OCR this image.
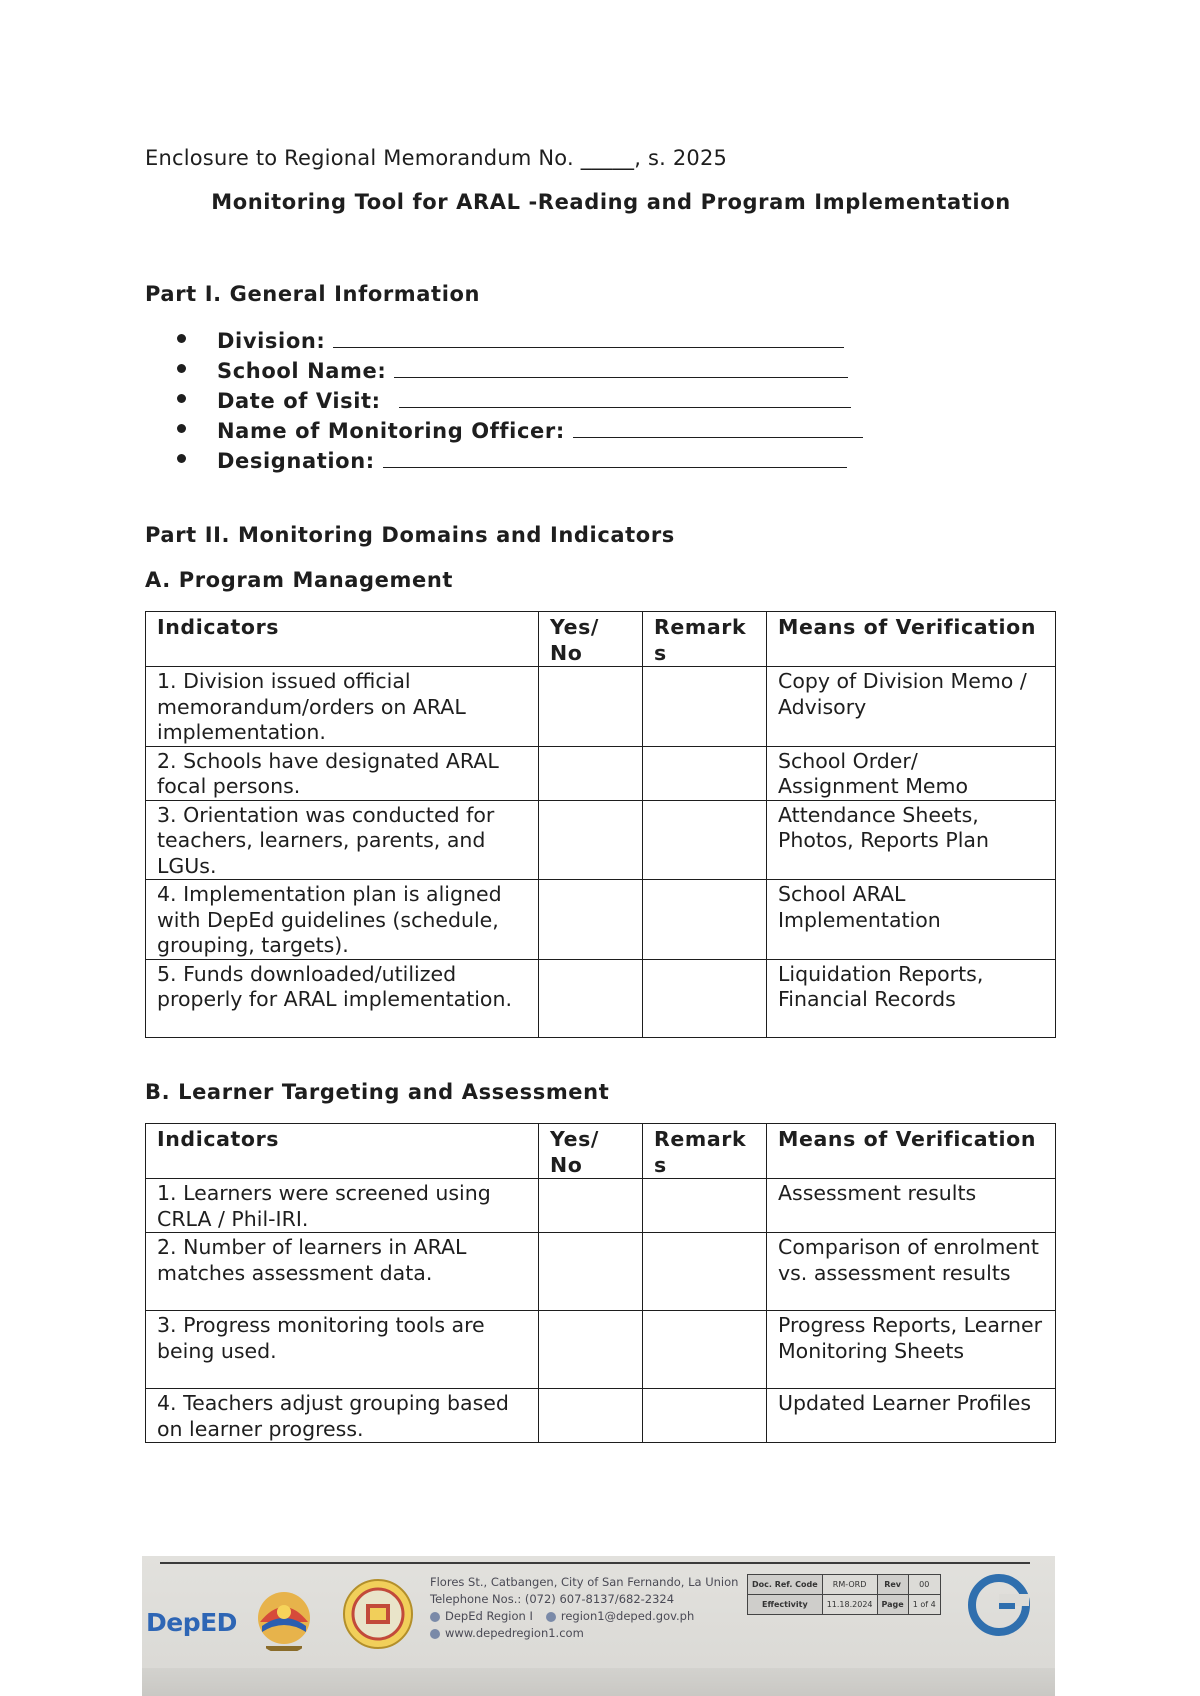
Enclosure to Regional Memorandum No. _____, s. 2025
Monitoring Tool for ARAL -Reading and Program Implementation
Part I. General Information
Division:
School Name:
Date of Visit:
Name of Monitoring Officer:
Designation:
Part II. Monitoring Domains and Indicators
A. Program Management
Indicators	Yes/ No	Remark s	Means of Verification
1. Division issued official memorandum/orders on ARAL implementation.			Copy of Division Memo / Advisory
2. Schools have designated ARAL focal persons.			School Order/ Assignment Memo
3. Orientation was conducted for teachers, learners, parents, and LGUs.			Attendance Sheets, Photos, Reports Plan
4. Implementation plan is aligned with DepEd guidelines (schedule, grouping, targets).			School ARAL Implementation
5. Funds downloaded/utilized properly for ARAL implementation.			Liquidation Reports, Financial Records
B. Learner Targeting and Assessment
Indicators	Yes/ No	Remark s	Means of Verification
1. Learners were screened using CRLA / Phil-IRI.			Assessment results
2. Number of learners in ARAL matches assessment data.			Comparison of enrolment vs. assessment results
3. Progress monitoring tools are being used.			Progress Reports, Learner Monitoring Sheets
4. Teachers adjust grouping based on learner progress.			Updated Learner Profiles
DepED
Flores St., Catbangen, City of San Fernando, La Union
Telephone Nos.: (072) 607-8137/682-2324
DepEd Region I region1@deped.gov.ph
www.depedregion1.com
Doc. Ref. Code	RM-ORD	Rev	00
Effectivity	11.18.2024	Page	1 of 4
